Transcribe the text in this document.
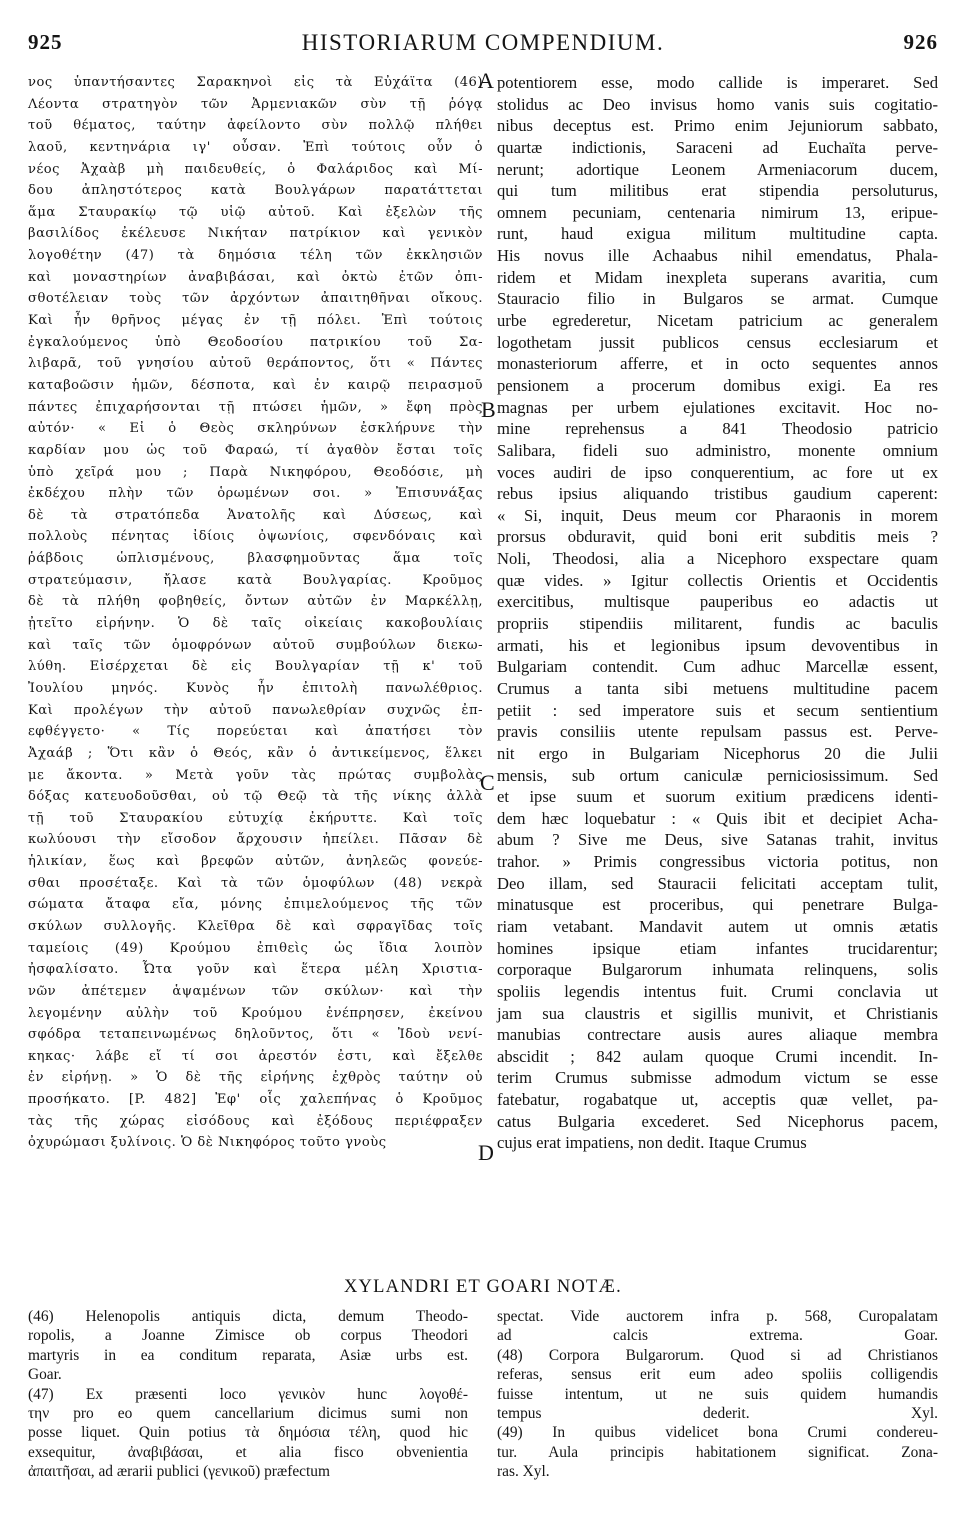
925	HISTORIARUM COMPENDIUM.	926
νος ὑπαντήσαντες Σαρακηνοὶ εἰς τὰ Εὐχάϊτα (46)
Λέοντα στρατηγὸν τῶν Ἀρμενιακῶν σὺν τῇ ῥόγᾳ
τοῦ θέματος, ταύτην ἀφείλοντο σὺν πολλῷ πλήθει
λαοῦ, κεντηνάρια ιγ' οὖσαν. Ἐπὶ τούτοις οὖν ὁ
νέος Ἀχαὰβ μὴ παιδευθείς, ὁ Φαλάριδος καὶ Μί-
δου ἀπληστότερος κατὰ Βουλγάρων παρατάττεται
ἅμα Σταυρακίῳ τῷ υἱῷ αὐτοῦ. Καὶ ἐξελὼν τῆς
βασιλίδος ἐκέλευσε Νικήταν πατρίκιον καὶ γενικὸν
λογοθέτην (47) τὰ δημόσια τέλη τῶν ἐκκλησιῶν
καὶ μοναστηρίων ἀναβιβάσαι, καὶ ὀκτὼ ἐτῶν ὀπι-
σθοτέλειαν τοὺς τῶν ἀρχόντων ἀπαιτηθῆναι οἴκους.
Καὶ ἦν θρῆνος μέγας ἐν τῇ πόλει. Ἐπὶ τούτοις
ἐγκαλούμενος ὑπὸ Θεοδοσίου πατρικίου τοῦ Σα-
λιβαρᾶ, τοῦ γνησίου αὐτοῦ θεράποντος, ὅτι « Πάντες
καταβοῶσιν ἡμῶν, δέσποτα, καὶ ἐν καιρῷ πειρασμοῦ
πάντες ἐπιχαρήσονται τῇ πτώσει ἡμῶν, » ἔφη πρὸς
αὐτόν· « Εἰ ὁ Θεὸς σκληρύνων ἐσκλήρυνε τὴν
καρδίαν μου ὡς τοῦ Φαραώ, τί ἀγαθὸν ἔσται τοῖς
ὑπὸ χεῖρά μου ; Παρὰ Νικηφόρου, Θεοδόσιε, μὴ
ἐκδέχου πλὴν τῶν ὁρωμένων σοι. » Ἐπισυνάξας
δὲ τὰ στρατόπεδα Ἀνατολῆς καὶ Δύσεως, καὶ
πολλοὺς πένητας ἰδίοις ὀψωνίοις, σφενδόναις καὶ
ῥάβδοις ὡπλισμένους, βλασφημοῦντας ἅμα τοῖς
στρατεύμασιν, ἤλασε κατὰ Βουλγαρίας. Κροῦμος
δὲ τὰ πλήθη φοβηθείς, ὄντων αὐτῶν ἐν Μαρκέλλῃ,
ᾐτεῖτο εἰρήνην. Ὁ δὲ ταῖς οἰκείαις κακοβουλίαις
καὶ ταῖς τῶν ὁμοφρόνων αὐτοῦ συμβούλων διεκω-
λύθη. Εἰσέρχεται δὲ εἰς Βουλγαρίαν τῇ κ' τοῦ
Ἰουλίου μηνός. Κυνὸς ἦν ἐπιτολὴ πανωλέθριος.
Καὶ προλέγων τὴν αὐτοῦ πανωλεθρίαν συχνῶς ἐπ-
εφθέγγετο· « Τίς πορεύεται καὶ ἀπατήσει τὸν
Ἀχαάβ ; Ὅτι κἂν ὁ Θεός, κἂν ὁ ἀντικείμενος, ἕλκει
με ἄκοντα. » Μετὰ γοῦν τὰς πρώτας συμβολὰς
δόξας κατευοδοῦσθαι, οὐ τῷ Θεῷ τὰ τῆς νίκης ἀλλὰ
τῇ τοῦ Σταυρακίου εὐτυχίᾳ ἐκήρυττε. Καὶ τοῖς
κωλύουσι τὴν εἴσοδον ἄρχουσιν ἠπείλει. Πᾶσαν δὲ
ἡλικίαν, ἕως καὶ βρεφῶν αὐτῶν, ἀνηλεῶς φονεύε-
σθαι προσέταξε. Καὶ τὰ τῶν ὁμοφύλων (48) νεκρὰ
σώματα ἄταφα εἴα, μόνης ἐπιμελούμενος τῆς τῶν
σκύλων συλλογῆς. Κλεῖθρα δὲ καὶ σφραγῖδας τοῖς
ταμείοις (49) Κρούμου ἐπιθεὶς ὡς ἴδια λοιπὸν
ἠσφαλίσατο. Ὦτα γοῦν καὶ ἕτερα μέλη Χριστια-
νῶν ἀπέτεμεν ἁψαμένων τῶν σκύλων· καὶ τὴν
λεγομένην αὐλὴν τοῦ Κρούμου ἐνέπρησεν, ἐκείνου
σφόδρα τεταπεινωμένως δηλοῦντος, ὅτι « Ἰδοὺ νενί-
κηκας· λάβε εἴ τί σοι ἀρεστόν ἐστι, καὶ ἔξελθε
ἐν εἰρήνῃ. » Ὁ δὲ τῆς εἰρήνης ἐχθρὸς ταύτην οὐ
προσήκατο. [P. 482] Ἐφ' οἷς χαλεπήνας ὁ Κροῦμος
τὰς τῆς χώρας εἰσόδους καὶ ἐξόδους περιέφραξεν
ὀχυρώμασι ξυλίνοις. Ὁ δὲ Νικηφόρος τοῦτο γνοὺς
potentiorem esse, modo callide is imperaret. Sed
stolidus ac Deo invisus homo vanis suis cogitatio-
nibus deceptus est. Primo enim Jejuniorum sabbato,
quartæ indictionis, Saraceni ad Euchaïta perve-
nerunt; adortique Leonem Armeniacorum ducem,
qui tum militibus erat stipendia persoluturus,
omnem pecuniam, centenaria nimirum 13, eripue-
runt, haud exigua militum multitudine capta.
His novus ille Achaabus nihil emendatus, Phala-
ridem et Midam inexpleta superans avaritia, cum
Stauracio filio in Bulgaros se armat. Cumque
urbe egrederetur, Nicetam patricium ac generalem
logothetam jussit publicos census ecclesiarum et
monasteriorum afferre, et in octo sequentes annos
pensionem a procerum domibus exigi. Ea res
magnas per urbem ejulationes excitavit. Hoc no-
mine reprehensus a 841 Theodosio patricio
Salibara, fideli suo administro, monente omnium
voces audiri de ipso conquerentium, ac fore ut ex
rebus ipsius aliquando tristibus gaudium caperent:
« Si, inquit, Deus meum cor Pharaonis in morem
prorsus obduravit, quid boni erit subditis meis ?
Noli, Theodosi, alia a Nicephoro exspectare quam
quæ vides. » Igitur collectis Orientis et Occidentis
exercitibus, multisque pauperibus eo adactis ut
propriis stipendiis militarent, fundis ac baculis
armati, his et legionibus ipsum devoventibus in
Bulgariam contendit. Cum adhuc Marcellæ essent,
Crumus a tanta sibi metuens multitudine pacem
petiit : sed imperatore suis et secum sentientium
pravis consiliis utente repulsam passus est. Perve-
nit ergo in Bulgariam Nicephorus 20 die Julii
mensis, sub ortum caniculæ perniciosissimum. Sed
et ipse suum et suorum exitium prædicens identi-
dem hæc loquebatur : « Quis ibit et decipiet Acha-
abum ? Sive me Deus, sive Satanas trahit, invitus
trahor. » Primis congressibus victoria potitus, non
Deo illam, sed Stauracii felicitati acceptam tulit,
minatusque est proceribus, qui penetrare Bulga-
riam vetabant. Mandavit autem ut omnis ætatis
homines ipsique etiam infantes trucidarentur;
corporaque Bulgarorum inhumata relinquens, solis
spoliis legendis intentus fuit. Crumi conclavia ut
jam sua claustris et sigillis munivit, et Christianis
manubias contrectare ausis aures aliaque membra
abscidit ; 842 aulam quoque Crumi incendit. In-
terim Crumus submisse admodum victum se esse
fatebatur, rogabatque ut, acceptis quæ vellet, pa-
catus Bulgaria excederet. Sed Nicephorus pacem,
cujus erat impatiens, non dedit. Itaque Crumus
A
B
C
D
XYLANDRI ET GOARI NOTÆ.
(46) Helenopolis antiquis dicta, demum Theodo-
ropolis, a Joanne Zimisce ob corpus Theodori
martyris in ea conditum reparata, Asiæ urbs est.
Goar.
(47) Ex præsenti loco γενικὸν hunc λογοθέ-
την pro eo quem cancellarium dicimus sumi non
posse liquet. Quin potius τὰ δημόσια τέλη, quod hic
exsequitur, ἀναβιβάσαι, et alia fisco obvenientia
ἀπαιτῆσαι, ad ærarii publici (γενικοῦ) præfectum
spectat. Vide auctorem infra p. 568, Curopalatam
ad calcis extrema. Goar.
(48) Corpora Bulgarorum. Quod si ad Christianos
referas, sensus erit eum adeo spoliis colligendis
fuisse intentum, ut ne suis quidem humandis
tempus dederit. Xyl.
(49) In quibus videlicet bona Crumi condereu-
tur. Aula principis habitationem significat. Zona-
ras. Xyl.
